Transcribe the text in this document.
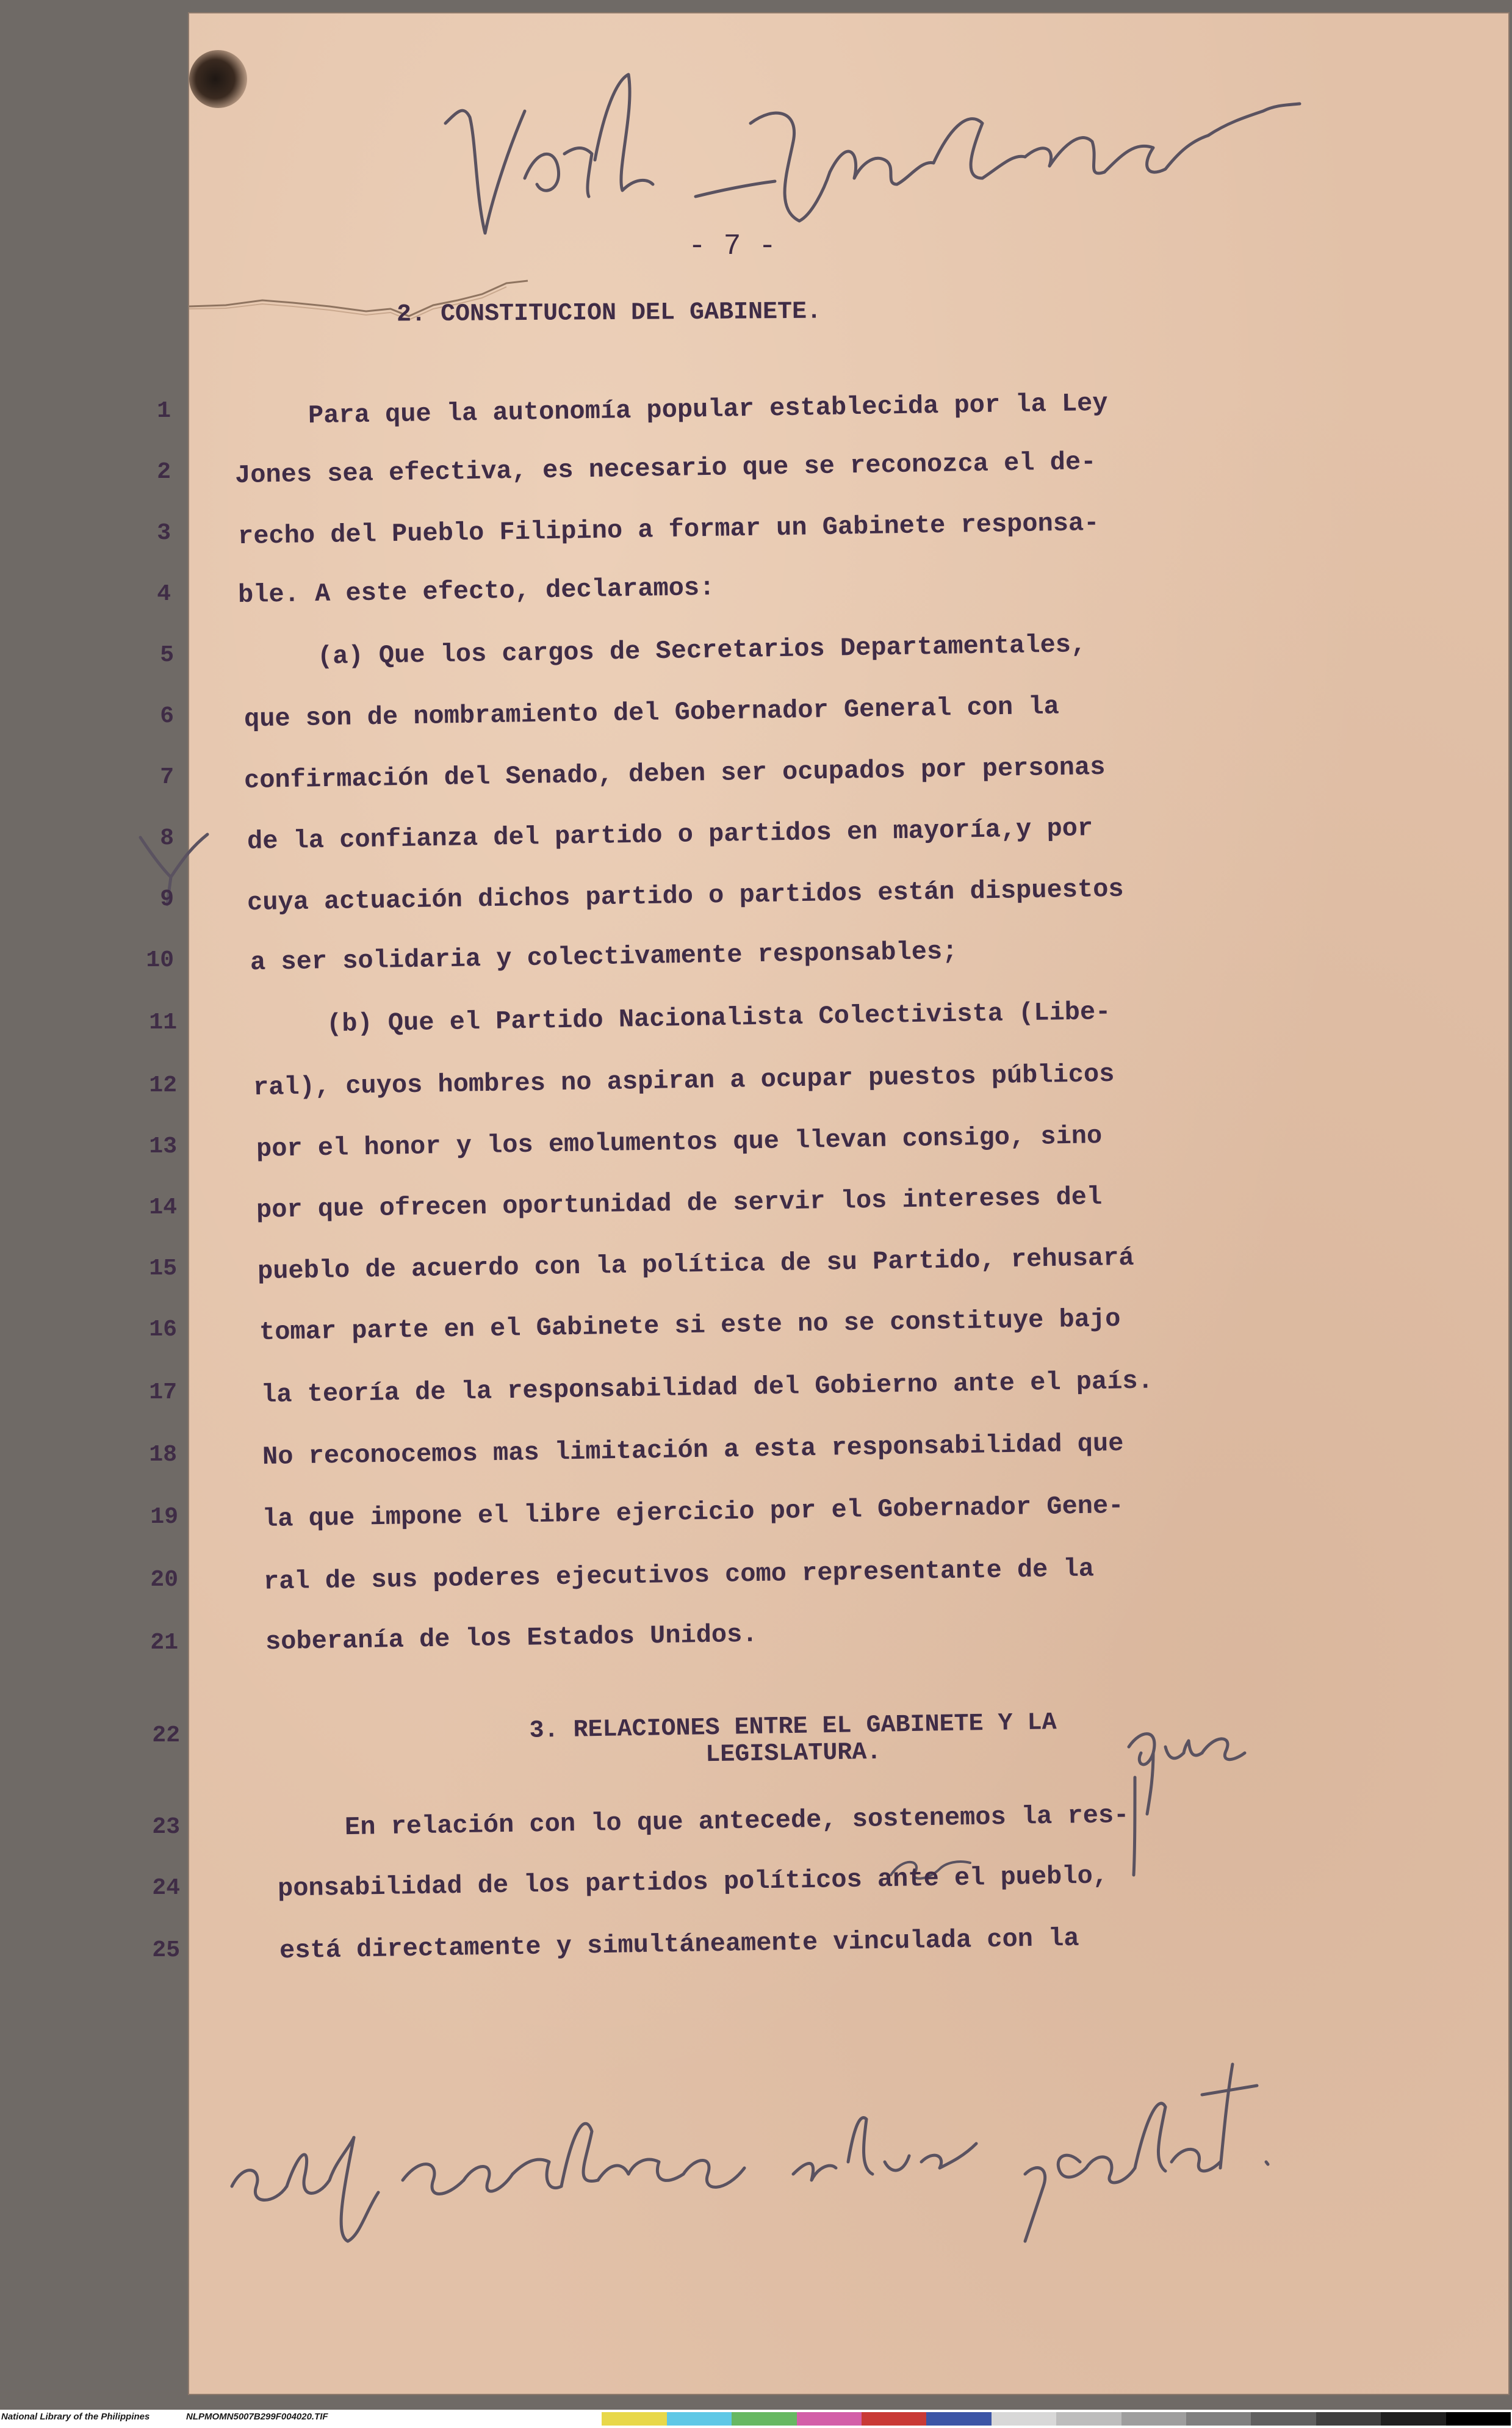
- 7 -
2. CONSTITUCION DEL GABINETE.
1	Para que la autonomía popular establecida por la Ley
2 Jones sea efectiva, es necesario que se reconozca el de-
3	recho del Pueblo Filipino a formar un Gabinete responsa-
4	ble. A este efecto, declaramos:
5	(a) Que los cargos de Secretarios Departamentales,
6	que son de nombramiento del Gobernador General con la
7	confirmación del Senado, deben ser ocupados por personas
8	de la confianza del partido o partidos en mayoría,y por
9	cuya actuación dichos partido o partidos están dispuestos
10	a ser solidaria y colectivamente responsables;
11	(b) Que el Partido Nacionalista Colectivista (Libe-
12	ral), cuyos hombres no aspiran a ocupar puestos públicos
13	por el honor y los emolumentos que llevan consigo, sino
14	por que ofrecen oportunidad de servir los intereses del
15	pueblo de acuerdo con la política de su Partido, rehusará
16	tomar parte en el Gabinete si este no se constituye bajo
17	la teoría de la responsabilidad del Gobierno ante el país.
18	No reconocemos mas limitación a esta responsabilidad que
19	la que impone el libre ejercicio por el Gobernador Gene-
20	ral de sus poderes ejecutivos como representante de la
21	soberanía de los Estados Unidos.
22	3. RELACIONES ENTRE EL GABINETE Y LA
LEGISLATURA.
23	En relación con lo que antecede, sostenemos la res-
24	ponsabilidad de los partidos políticos ante el pueblo,
25	está directamente y simultáneamente vinculada con la
National Library of the Philippines	NLPMOMN5007B299F004020.TIF
